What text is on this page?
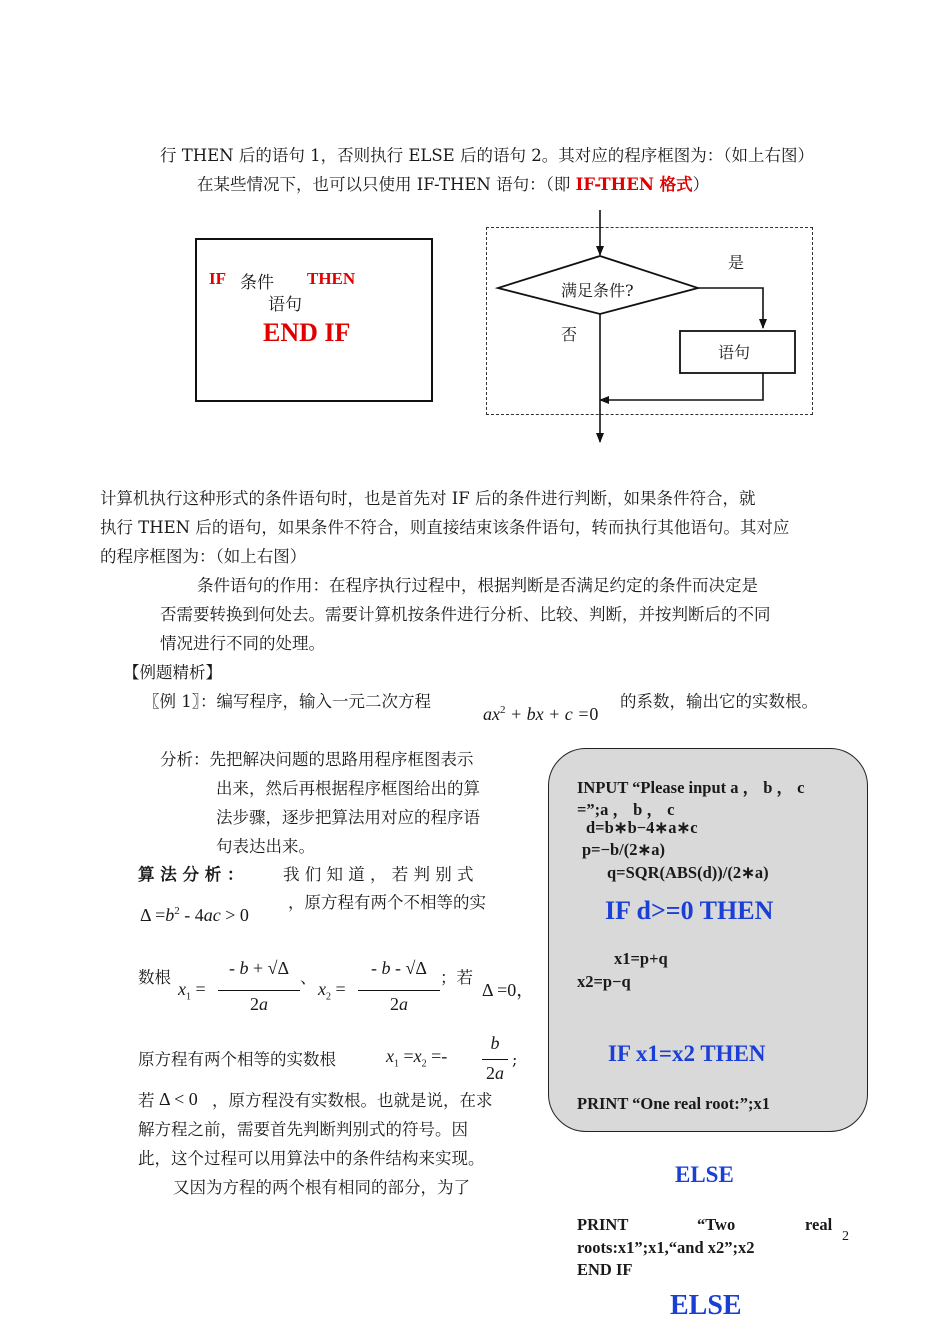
行 THEN 后的语句 1，否则执行 ELSE 后的语句 2。其对应的程序框图为：（如上右图）
在某些情况下，也可以只使用 IF-THEN 语句：（即 IF-THEN 格式）
IF 条件 THEN
语句
END IF
满足条件?
是
否
语句
计算机执行这种形式的条件语句时，也是首先对 IF 后的条件进行判断，如果条件符合，就
执行 THEN 后的语句，如果条件不符合，则直接结束该条件语句，转而执行其他语句。其对应
的程序框图为：（如上右图）
条件语句的作用：在程序执行过程中，根据判断是否满足约定的条件而决定是
否需要转换到何处去。需要计算机按条件进行分析、比较、判断，并按判断后的不同
情况进行不同的处理。
【例题精析】
〖例 1〗：编写程序，输入一元二次方程
$ax^2$ + bx + c =0
的系数，输出它的实数根。
分析：先把解决问题的思路用程序框图表示
出来，然后再根据程序框图给出的算
法步骤，逐步把算法用对应的程序语
句表达出来。
算 法 分 析 ： 我 们 知 道 ， 若 判 别 式
$\Delta =b^2 - 4ac > 0$
，原方程有两个不相等的实
数根
$x_1$ =
- b + √Δ
2a
、
$x_2$ =
- b - √Δ
2a
；若
Δ =0，
原方程有两个相等的实数根	$x_1 =x_2$ =-
b
2a
;
若 Δ < 0 ，原方程没有实数根。也就是说，在求
解方程之前，需要首先判断判别式的符号。因
此，这个过程可以用算法中的条件结构来实现。
又因为方程的两个根有相同的部分，为了
INPUT “Please input a ， b ， c
=”;a ， b ， c
d=b∗b−4∗a∗c
p=−b/(2∗a)
q=SQR(ABS(d))/(2∗a)
IF d>=0 THEN
x1=p+q
x2=p−q
IF x1=x2 THEN
PRINT “One real root:”;x1
ELSE
PRINT	“Two	real
roots:x1”;x1,“and x2”;x2
END IF
ELSE
2
